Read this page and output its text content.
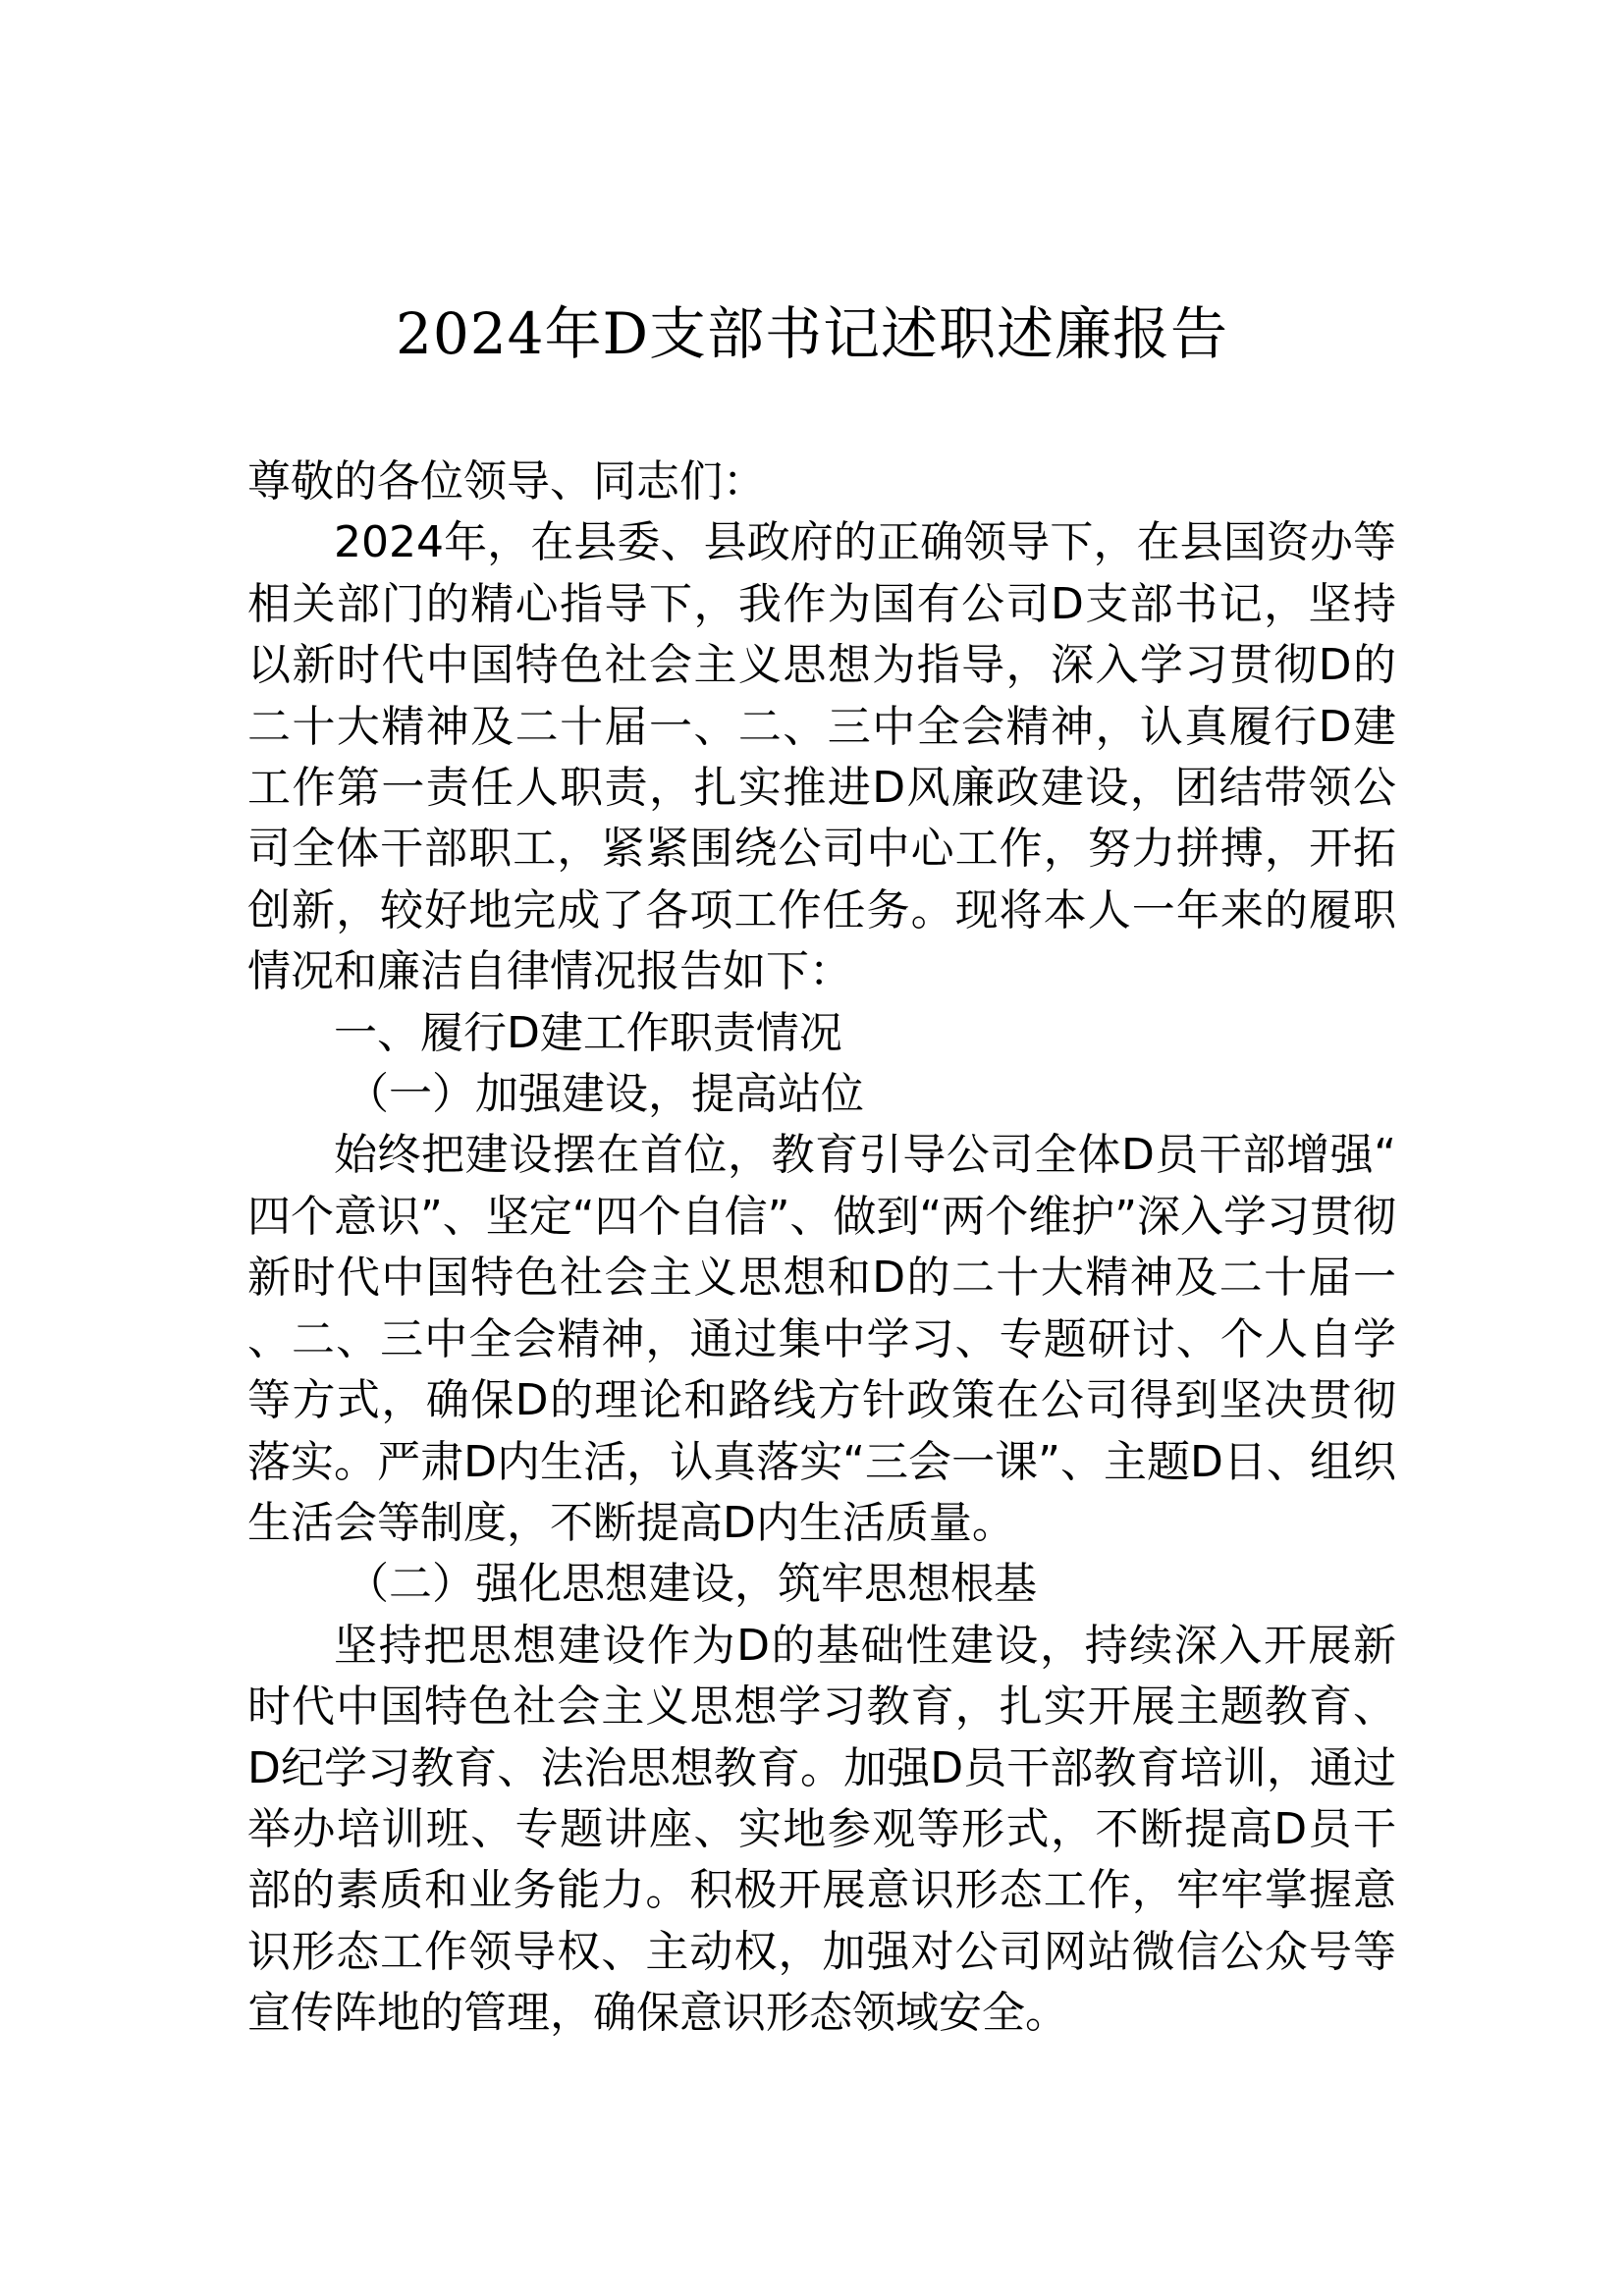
2024年D支部书记述职述廉报告

尊敬的各位领导、同志们：

2024年，在县委、县政府的正确领导下，在县国资办等相关部门的精心指导下，我作为国有公司D支部书记，坚持以新时代中国特色社会主义思想为指导，深入学习贯彻D的二十大精神及二十届一、二、三中全会精神，认真履行D建工作第一责任人职责，扎实推进D风廉政建设，团结带领公司全体干部职工，紧紧围绕公司中心工作，努力拼搏，开拓创新，较好地完成了各项工作任务。现将本人一年来的履职情况和廉洁自律情况报告如下：

一、履行D建工作职责情况

（一）加强建设，提高站位

始终把建设摆在首位，教育引导公司全体D员干部增强“四个意识”、坚定“四个自信”、做到“两个维护”深入学习贯彻新时代中国特色社会主义思想和D的二十大精神及二十届一、二、三中全会精神，通过集中学习、专题研讨、个人自学等方式，确保D的理论和路线方针政策在公司得到坚决贯彻落实。严肃D内生活，认真落实“三会一课”、主题D日、组织生活会等制度，不断提高D内生活质量。

（二）强化思想建设，筑牢思想根基

坚持把思想建设作为D的基础性建设，持续深入开展新时代中国特色社会主义思想学习教育，扎实开展主题教育、D纪学习教育、法治思想教育。加强D员干部教育培训，通过举办培训班、专题讲座、实地参观等形式，不断提高D员干部的素质和业务能力。积极开展意识形态工作，牢牢掌握意识形态工作领导权、主动权，加强对公司网站微信公众号等宣传阵地的管理，确保意识形态领域安全。
